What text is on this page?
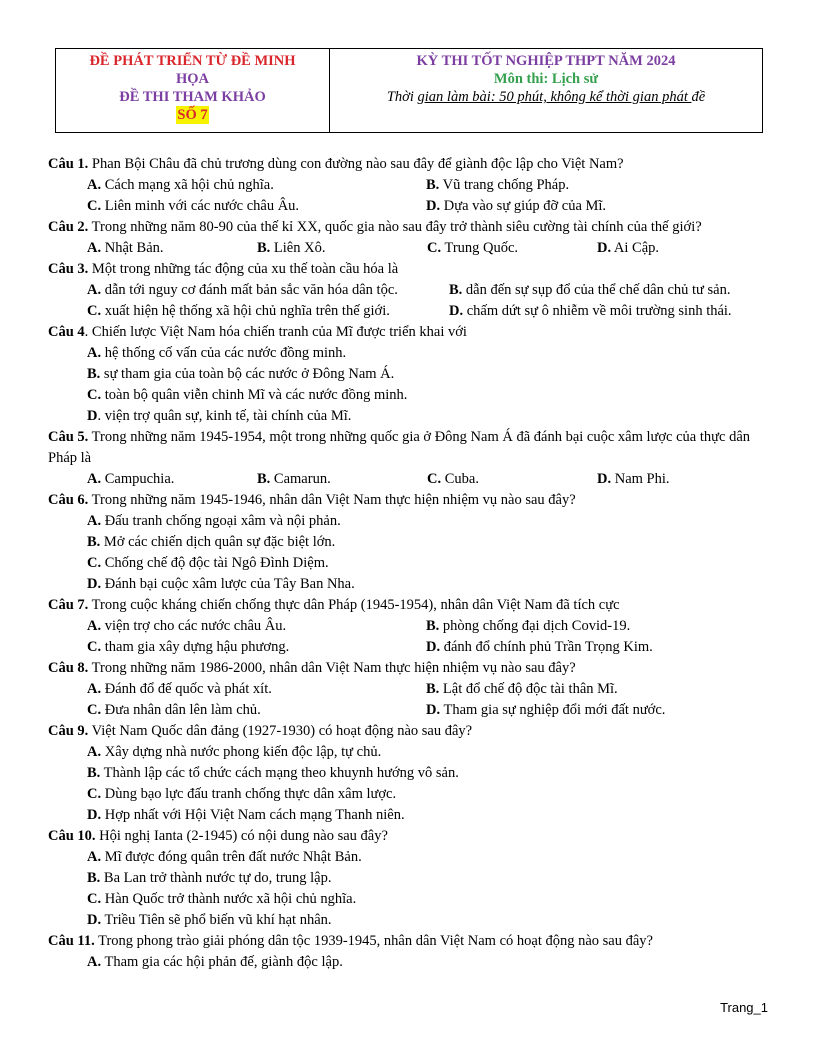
ĐỀ PHÁT TRIỂN TỪ ĐỀ MINH
HỌA
ĐỀ THI THAM KHẢO
SỐ 7

KỲ THI TỐT NGHIỆP THPT NĂM 2024
Môn thi: Lịch sử
Thời gian làm bài: 50 phút, không kể thời gian phát đề
Câu 1. Phan Bội Châu đã chủ trương dùng con đường nào sau đây để giành độc lập cho Việt Nam?
A. Cách mạng xã hội chủ nghĩa.	B. Vũ trang chống Pháp.
C. Liên minh với các nước châu Âu.	D. Dựa vào sự giúp đỡ của Mĩ.
Câu 2. Trong những năm 80-90 của thế kỉ XX, quốc gia nào sau đây trở thành siêu cường tài chính của thế giới?
A. Nhật Bản.	B. Liên Xô.	C. Trung Quốc.	D. Ai Cập.
Câu 3. Một trong những tác động của xu thế toàn cầu hóa là
A. dẫn tới nguy cơ đánh mất bản sắc văn hóa dân tộc.	B. dẫn đến sự sụp đổ của thể chế dân chủ tư sản.
C. xuất hiện hệ thống xã hội chủ nghĩa trên thế giới.	D. chấm dứt sự ô nhiễm về môi trường sinh thái.
Câu 4. Chiến lược Việt Nam hóa chiến tranh của Mĩ được triển khai với
A. hệ thống cố vấn của các nước đồng minh.
B. sự tham gia của toàn bộ các nước ở Đông Nam Á.
C. toàn bộ quân viễn chinh Mĩ và các nước đồng minh.
D. viện trợ quân sự, kinh tế, tài chính của Mĩ.
Câu 5. Trong những năm 1945-1954, một trong những quốc gia ở Đông Nam Á đã đánh bại cuộc xâm lược của thực dân Pháp là
A. Campuchia.	B. Camarun.	C. Cuba.	D. Nam Phi.
Câu 6. Trong những năm 1945-1946, nhân dân Việt Nam thực hiện nhiệm vụ nào sau đây?
A. Đấu tranh chống ngoại xâm và nội phản.
B. Mở các chiến dịch quân sự đặc biệt lớn.
C. Chống chế độ độc tài Ngô Đình Diệm.
D. Đánh bại cuộc xâm lược của Tây Ban Nha.
Câu 7. Trong cuộc kháng chiến chống thực dân Pháp (1945-1954), nhân dân Việt Nam đã tích cực
A. viện trợ cho các nước châu Âu.	B. phòng chống đại dịch Covid-19.
C. tham gia xây dựng hậu phương.	D. đánh đổ chính phủ Trần Trọng Kim.
Câu 8. Trong những năm 1986-2000, nhân dân Việt Nam thực hiện nhiệm vụ nào sau đây?
A. Đánh đổ đế quốc và phát xít.	B. Lật đổ chế độ độc tài thân Mĩ.
C. Đưa nhân dân lên làm chủ.	D. Tham gia sự nghiệp đổi mới đất nước.
Câu 9. Việt Nam Quốc dân đảng (1927-1930) có hoạt động nào sau đây?
A. Xây dựng nhà nước phong kiến độc lập, tự chủ.
B. Thành lập các tổ chức cách mạng theo khuynh hướng vô sản.
C. Dùng bạo lực đấu tranh chống thực dân xâm lược.
D. Hợp nhất với Hội Việt Nam cách mạng Thanh niên.
Câu 10. Hội nghị Ianta (2-1945) có nội dung nào sau đây?
A. Mĩ được đóng quân trên đất nước Nhật Bản.
B. Ba Lan trở thành nước tự do, trung lập.
C. Hàn Quốc trở thành nước xã hội chủ nghĩa.
D. Triều Tiên sẽ phổ biến vũ khí hạt nhân.
Câu 11. Trong phong trào giải phóng dân tộc 1939-1945, nhân dân Việt Nam có hoạt động nào sau đây?
A. Tham gia các hội phản đế, giành độc lập.
Trang_1
